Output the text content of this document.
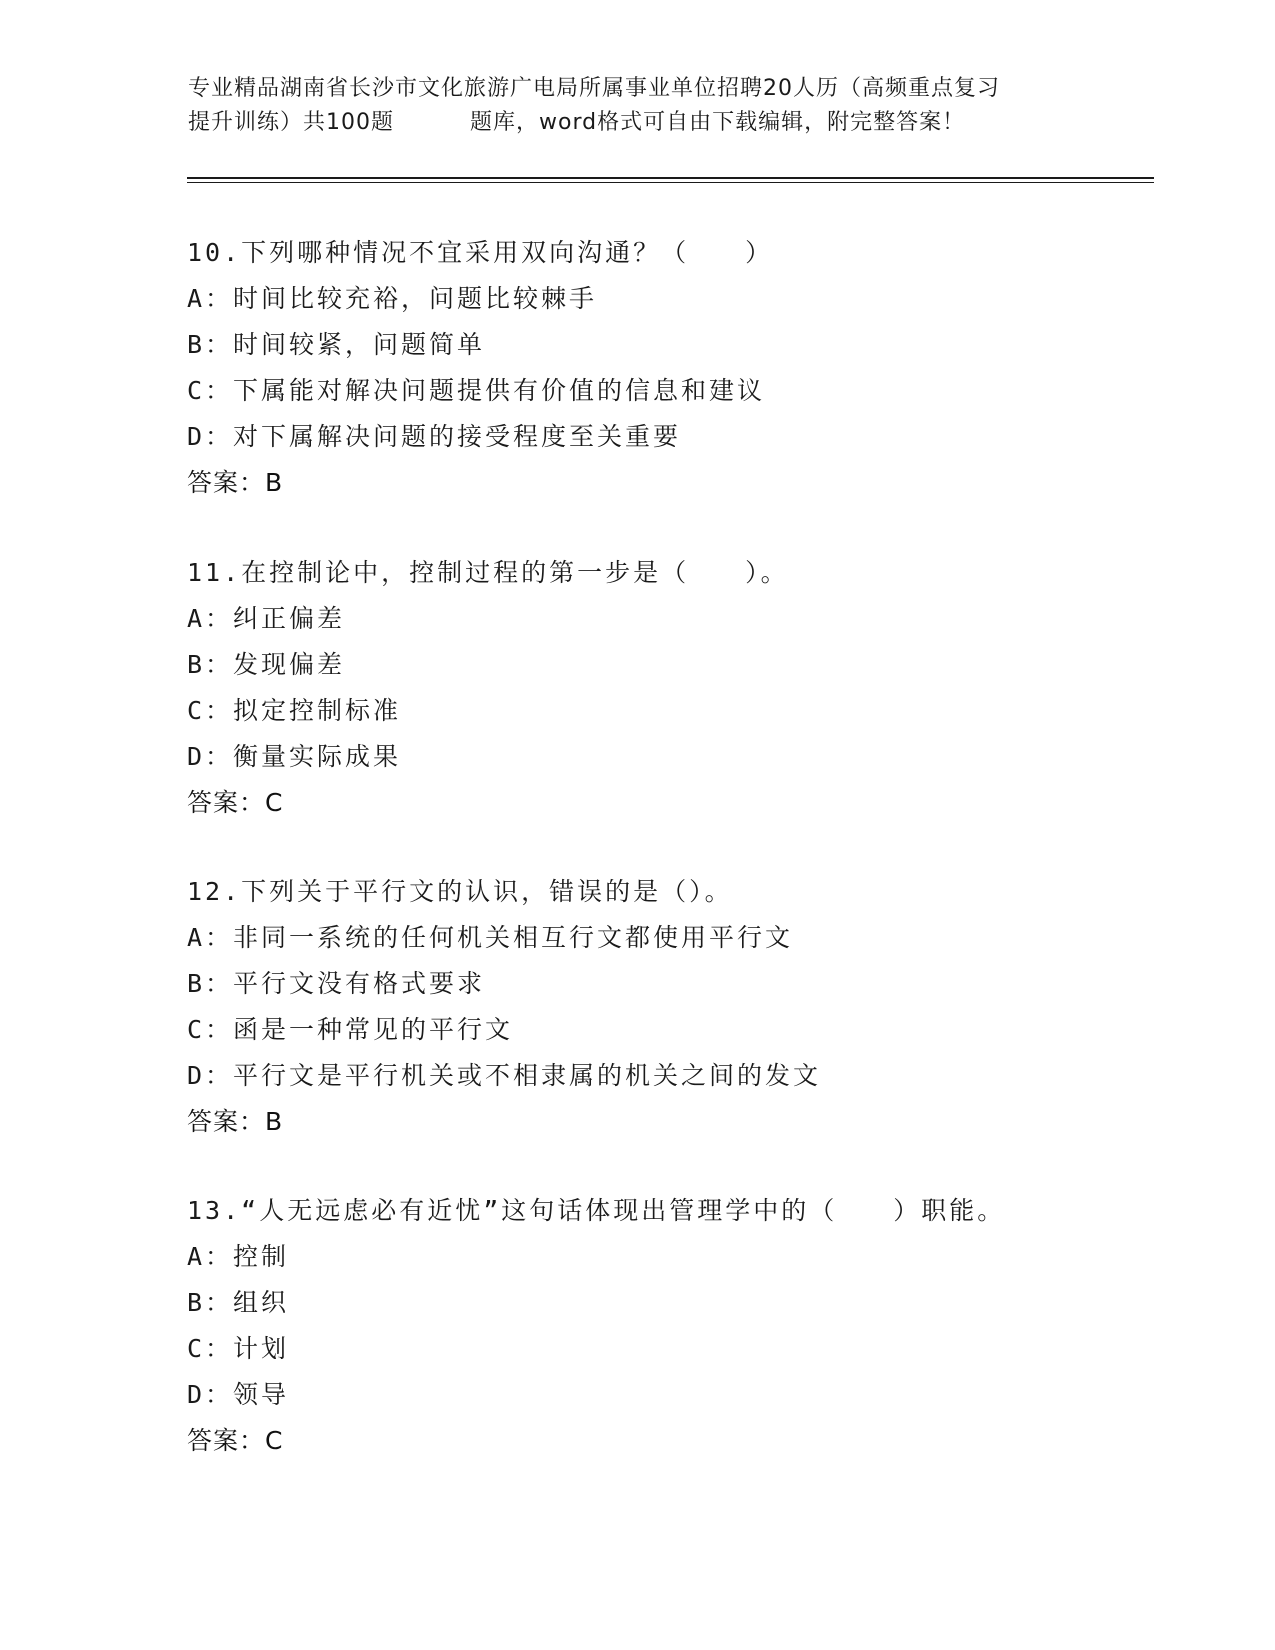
专业精品湖南省长沙市文化旅游广电局所属事业单位招聘20人历（高频重点复习
提升训练）共100题	题库，word格式可自由下载编辑，附完整答案！
10.下列哪种情况不宜采用双向沟通？（　　）
A：时间比较充裕，问题比较棘手
B：时间较紧，问题简单
C：下属能对解决问题提供有价值的信息和建议
D：对下属解决问题的接受程度至关重要
答案：B
11.在控制论中，控制过程的第一步是（　　）。
A：纠正偏差
B：发现偏差
C：拟定控制标准
D：衡量实际成果
答案：C
12.下列关于平行文的认识，错误的是（）。
A：非同一系统的任何机关相互行文都使用平行文
B：平行文没有格式要求
C：函是一种常见的平行文
D：平行文是平行机关或不相隶属的机关之间的发文
答案：B
13.“人无远虑必有近忧”这句话体现出管理学中的（　　）职能。
A：控制
B：组织
C：计划
D：领导
答案：C
